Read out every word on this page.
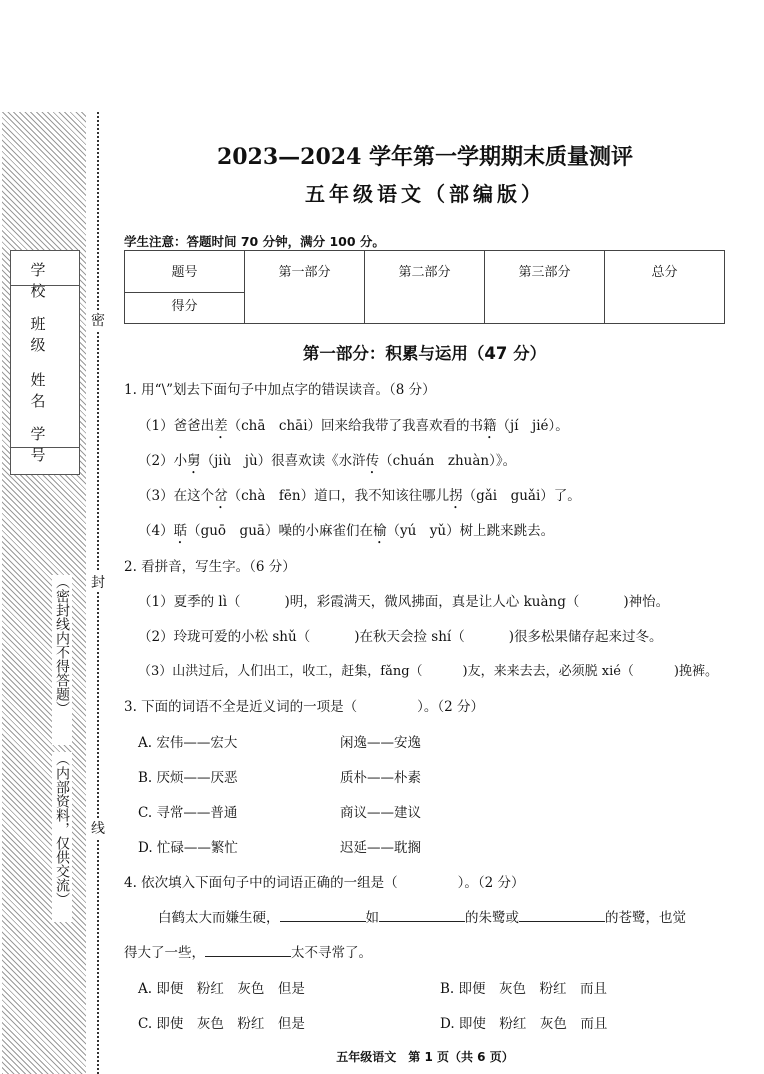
学 校
班 级
姓 名
学 号
（密封线内不得答题）
（内部资料，仅供交流）
密
封
线
2023—2024 学年第一学期期末质量测评
五年级语文（部编版）
学生注意：答题时间 70 分钟，满分 100 分。
题号	第一部分	第二部分	第三部分	总分
得分
第一部分：积累与运用（47 分）
1. 用“\”划去下面句子中加点字的错误读音。（8 分）
（1）爸爸出差（chā　chāi）回来给我带了我喜欢看的书籍（jí　jié）。
（2）小舅（jiù　jù）很喜欢读《水浒传（chuán　zhuàn）》。
（3）在这个岔（chà　fēn）道口，我不知该往哪儿拐（gǎi　guǎi）了。
（4）聒（guō　guā）噪的小麻雀们在榆（yú　yǔ）树上跳来跳去。
2. 看拼音，写生字。（6 分）
（1）夏季的 lì（	)明，彩霞满天，微风拂面，真是让人心 kuàng（	)神怡。
（2）玲珑可爱的小松 shǔ（	)在秋天会捡 shí（	)很多松果储存起来过冬。
（3）山洪过后，人们出工，收工，赶集，fǎng（	)友，来来去去，必须脱 xié（	)挽裤。
3. 下面的词语不全是近义词的一项是（	）。（2 分）
A. 宏伟——宏大	闲逸——安逸
B. 厌烦——厌恶	质朴——朴素
C. 寻常——普通	商议——建议
D. 忙碌——繁忙	迟延——耽搁
4. 依次填入下面句子中的词语正确的一组是（	）。（2 分）
白鹤太大而嫌生硬，	如	的朱鹭或	的苍鹭，也觉
得大了一些，	太不寻常了。
A. 即便　粉红　灰色　但是	B. 即便　灰色　粉红　而且
C. 即使　灰色　粉红　但是	D. 即使　粉红　灰色　而且
五年级语文　第 1 页（共 6 页）
